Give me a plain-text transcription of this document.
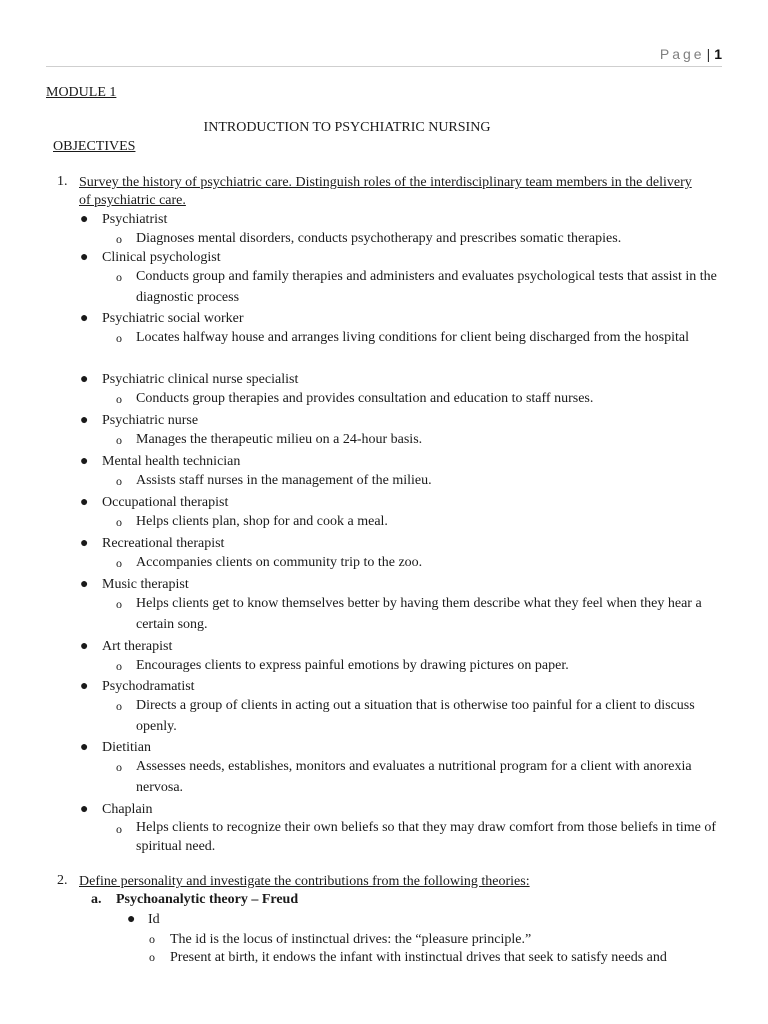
Page | 1
MODULE 1
INTRODUCTION TO PSYCHIATRIC NURSING
OBJECTIVES
1. Survey the history of psychiatric care. Distinguish roles of the interdisciplinary team members in the delivery of psychiatric care.
● Psychiatrist
o Diagnoses mental disorders, conducts psychotherapy and prescribes somatic therapies.
● Clinical psychologist
o Conducts group and family therapies and administers and evaluates psychological tests that assist in the diagnostic process
● Psychiatric social worker
o Locates halfway house and arranges living conditions for client being discharged from the hospital
● Psychiatric clinical nurse specialist
o Conducts group therapies and provides consultation and education to staff nurses.
● Psychiatric nurse
o Manages the therapeutic milieu on a 24-hour basis.
● Mental health technician
o Assists staff nurses in the management of the milieu.
● Occupational therapist
o Helps clients plan, shop for and cook a meal.
● Recreational therapist
o Accompanies clients on community trip to the zoo.
● Music therapist
o Helps clients get to know themselves better by having them describe what they feel when they hear a certain song.
● Art therapist
o Encourages clients to express painful emotions by drawing pictures on paper.
● Psychodramatist
o Directs a group of clients in acting out a situation that is otherwise too painful for a client to discuss openly.
● Dietitian
o Assesses needs, establishes, monitors and evaluates a nutritional program for a client with anorexia nervosa.
● Chaplain
o Helps clients to recognize their own beliefs so that they may draw comfort from those beliefs in time of spiritual need.
2. Define personality and investigate the contributions from the following theories:
a. Psychoanalytic theory – Freud
● Id
o The id is the locus of instinctual drives: the “pleasure principle.”
o Present at birth, it endows the infant with instinctual drives that seek to satisfy needs and
